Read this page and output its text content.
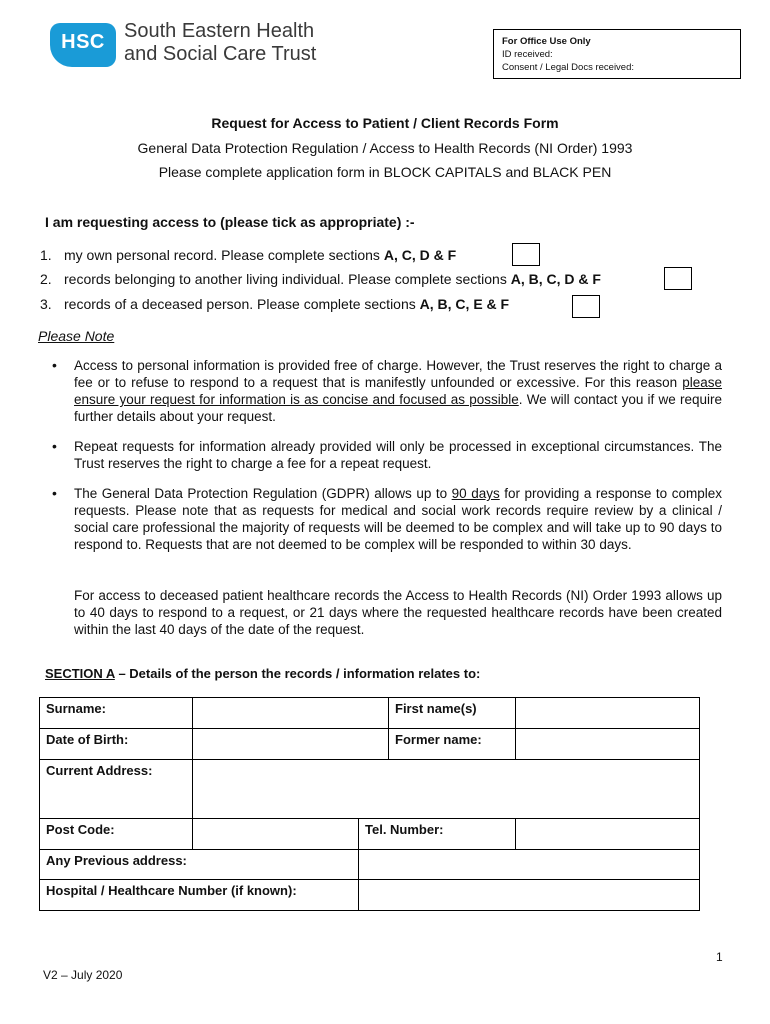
HSC South Eastern Health
and Social Care Trust
For Office Use Only
ID received:
Consent / Legal Docs received:
Request for Access to Patient / Client Records Form
General Data Protection Regulation / Access to Health Records (NI Order) 1993
Please complete application form in BLOCK CAPITALS and BLACK PEN
I am requesting access to (please tick as appropriate) :-
1. my own personal record. Please complete sections A, C, D & F
2. records belonging to another living individual. Please complete sections A, B, C, D & F
3. records of a deceased person. Please complete sections A, B, C, E & F
Please Note
• Access to personal information is provided free of charge. However, the Trust reserves the right to charge a fee or to refuse to respond to a request that is manifestly unfounded or excessive. For this reason please ensure your request for information is as concise and focused as possible. We will contact you if we require further details about your request.
• Repeat requests for information already provided will only be processed in exceptional circumstances. The Trust reserves the right to charge a fee for a repeat request.
• The General Data Protection Regulation (GDPR) allows up to 90 days for providing a response to complex requests. Please note that as requests for medical and social work records require review by a clinical / social care professional the majority of requests will be deemed to be complex and will take up to 90 days to respond to. Requests that are not deemed to be complex will be responded to within 30 days.
For access to deceased patient healthcare records the Access to Health Records (NI) Order 1993 allows up to 40 days to respond to a request, or 21 days where the requested healthcare records have been created within the last 40 days of the date of the request.
SECTION A – Details of the person the records / information relates to:
Surname:			First name(s)	
Date of Birth:			Former name:	
Current Address:				
Post Code:		Tel. Number:		
Any Previous address:				
Hospital / Healthcare Number (if known):				
1
V2 – July 2020
